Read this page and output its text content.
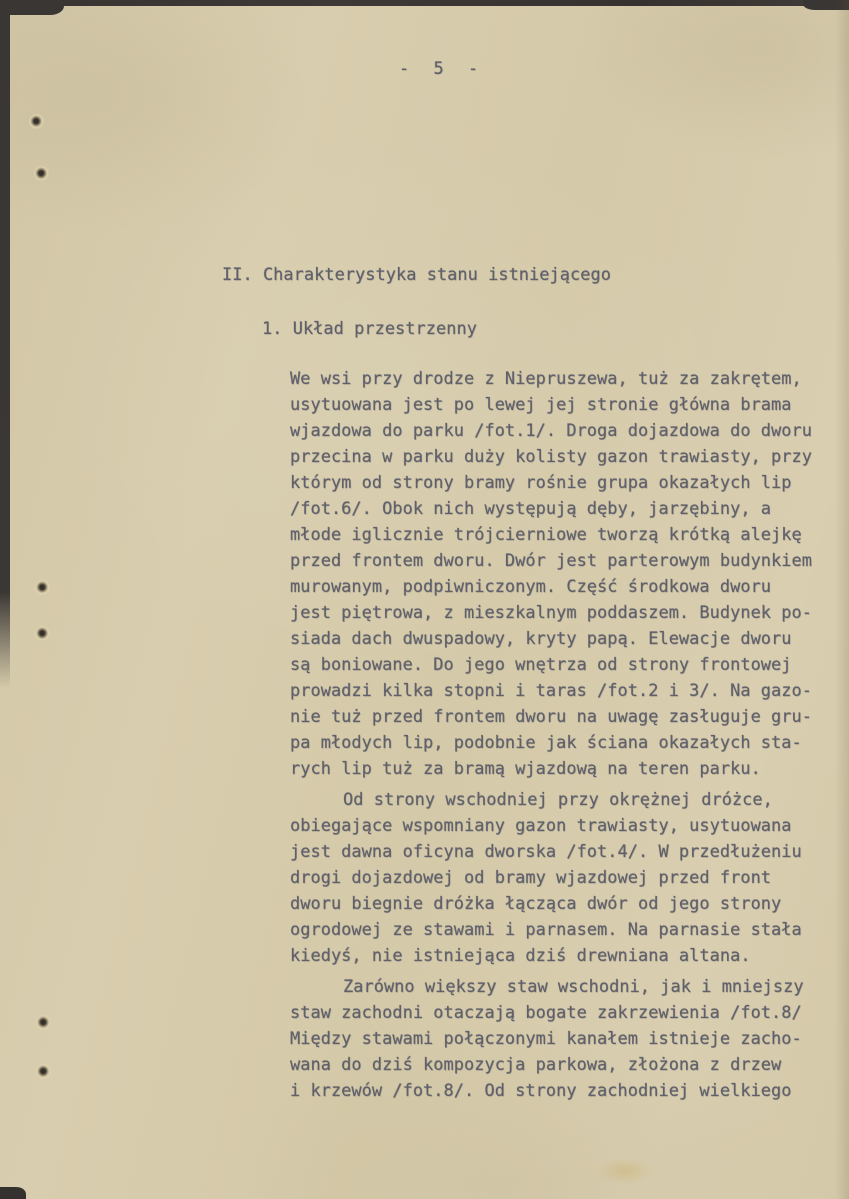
- 5 -
II. Charakterystyka stanu istniejącego
1. Układ przestrzenny
We wsi przy drodze z Niepruszewa, tuż za zakrętem,
usytuowana jest po lewej jej stronie główna brama
wjazdowa do parku /fot.1/. Droga dojazdowa do dworu
przecina w parku duży kolisty gazon trawiasty, przy
którym od strony bramy rośnie grupa okazałych lip
/fot.6/. Obok nich występują dęby, jarzębiny, a
młode iglicznie trójcierniowe tworzą krótką alejkę
przed frontem dworu. Dwór jest parterowym budynkiem
murowanym, podpiwniczonym. Część środkowa dworu
jest piętrowa, z mieszkalnym poddaszem. Budynek po-
siada dach dwuspadowy, kryty papą. Elewacje dworu
są boniowane. Do jego wnętrza od strony frontowej
prowadzi kilka stopni i taras /fot.2 i 3/. Na gazo-
nie tuż przed frontem dworu na uwagę zasługuje gru-
pa młodych lip, podobnie jak ściana okazałych sta-
rych lip tuż za bramą wjazdową na teren parku.
Od strony wschodniej przy okrężnej dróżce,
obiegające wspomniany gazon trawiasty, usytuowana
jest dawna oficyna dworska /fot.4/. W przedłużeniu
drogi dojazdowej od bramy wjazdowej przed front
dworu biegnie dróżka łącząca dwór od jego strony
ogrodowej ze stawami i parnasem. Na parnasie stała
kiedyś, nie istniejąca dziś drewniana altana.
Zarówno większy staw wschodni, jak i mniejszy
staw zachodni otaczają bogate zakrzewienia /fot.8/
Między stawami połączonymi kanałem istnieje zacho-
wana do dziś kompozycja parkowa, złożona z drzew
i krzewów /fot.8/. Od strony zachodniej wielkiego
